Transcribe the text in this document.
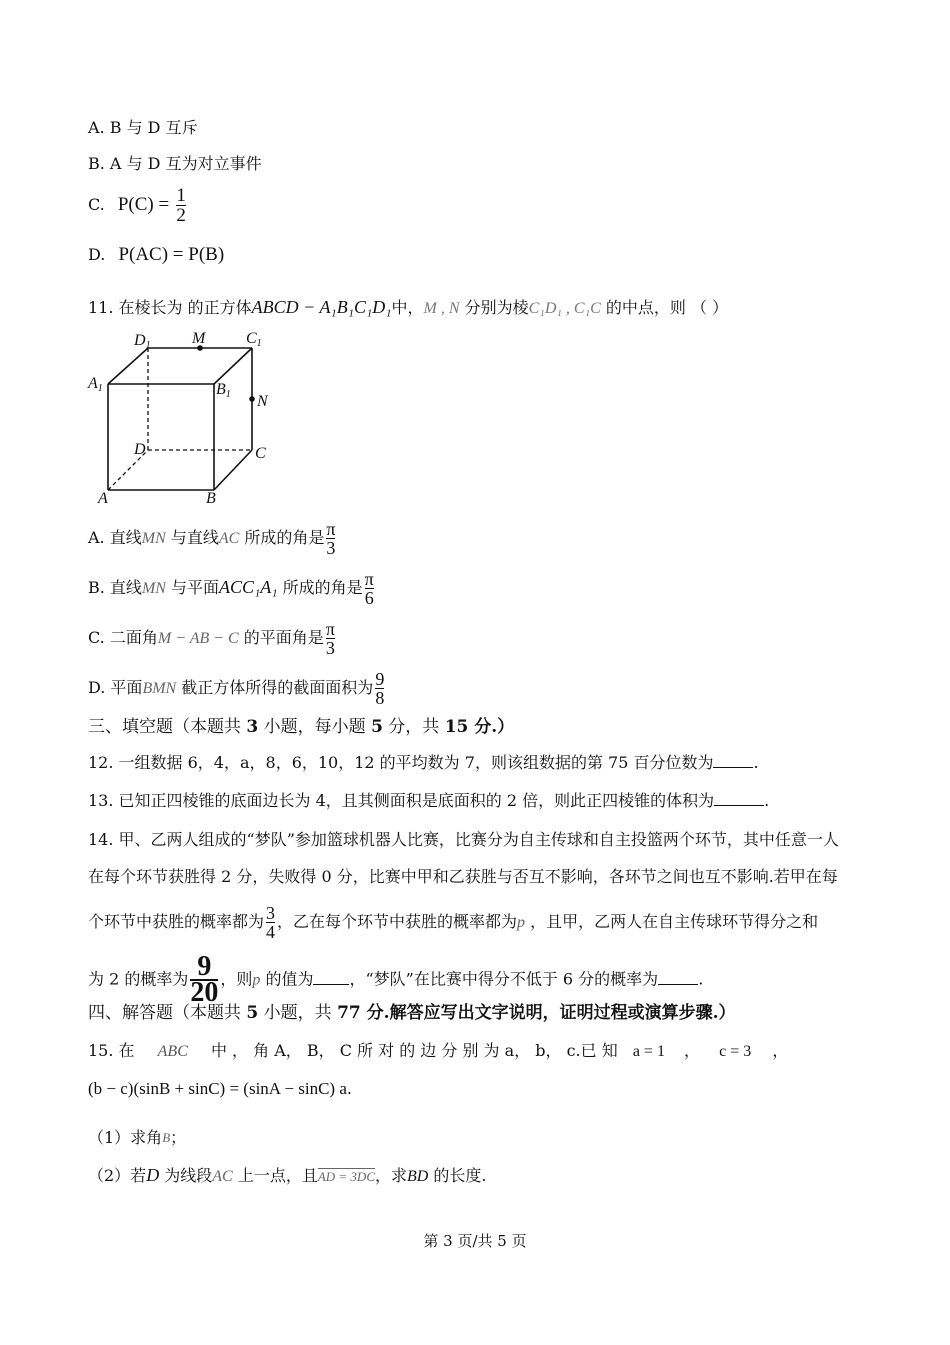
A. B 与 D 互斥
B. A 与 D 互为对立事件
C. $P(C) = \frac{1}{2}$
D. P(AC) = P(B)
11. 在棱长为 的正方体ABCD − A₁B₁C₁D₁中，M , N 分别为棱C₁D₁ , C₁C 的中点，则 （ ）
D1	M	C1
A1	B1 N
D	C
A	B
A. 直线MN 与直线AC 所成的角是 $\frac{\pi}{3}$
B. 直线MN 与平面ACC₁A₁ 所成的角是 $\frac{\pi}{6}$
C. 二面角M − AB − C 的平面角是 $\frac{\pi}{3}$
D. 平面BMN 截正方体所得的截面面积为 $\frac{9}{8}$
三、填空题（本题共 3 小题，每小题 5 分，共 15 分.）
12. 一组数据 6，4，a，8，6，10，12 的平均数为 7，则该组数据的第 75 百分位数为	.
13. 已知正四棱锥的底面边长为 4，且其侧面积是底面积的 2 倍，则此正四棱锥的体积为	.
14. 甲、乙两人组成的“梦队”参加篮球机器人比赛，比赛分为自主传球和自主投篮两个环节，其中任意一人
在每个环节获胜得 2 分，失败得 0 分，比赛中甲和乙获胜与否互不影响，各环节之间也互不影响.若甲在每
个环节中获胜的概率都为 $\frac{3}{4}$ ，乙在每个环节中获胜的概率都为p ，且甲，乙两人在自主传球环节得分之和
为 2 的概率为 $\frac{9}{20}$ ，则p 的值为 ，“梦队”在比赛中得分不低于 6 分的概率为	.
四、解答题（本题共 5 小题，共 77 分.解答应写出文字说明，证明过程或演算步骤.）
15. 在 ABC 中 ， 角 A， B， C 所 对 的 边 分 别 为 a， b， c.已 知 a = 1 ， c = 3 ，
(b − c)(sinB + sinC) = (sinA − sinC) a.
（1）求角$^B$；
（2）若D 为线段AC 上一点，且AD = 3DC，求BD 的长度.
第 3 页/共 5 页
